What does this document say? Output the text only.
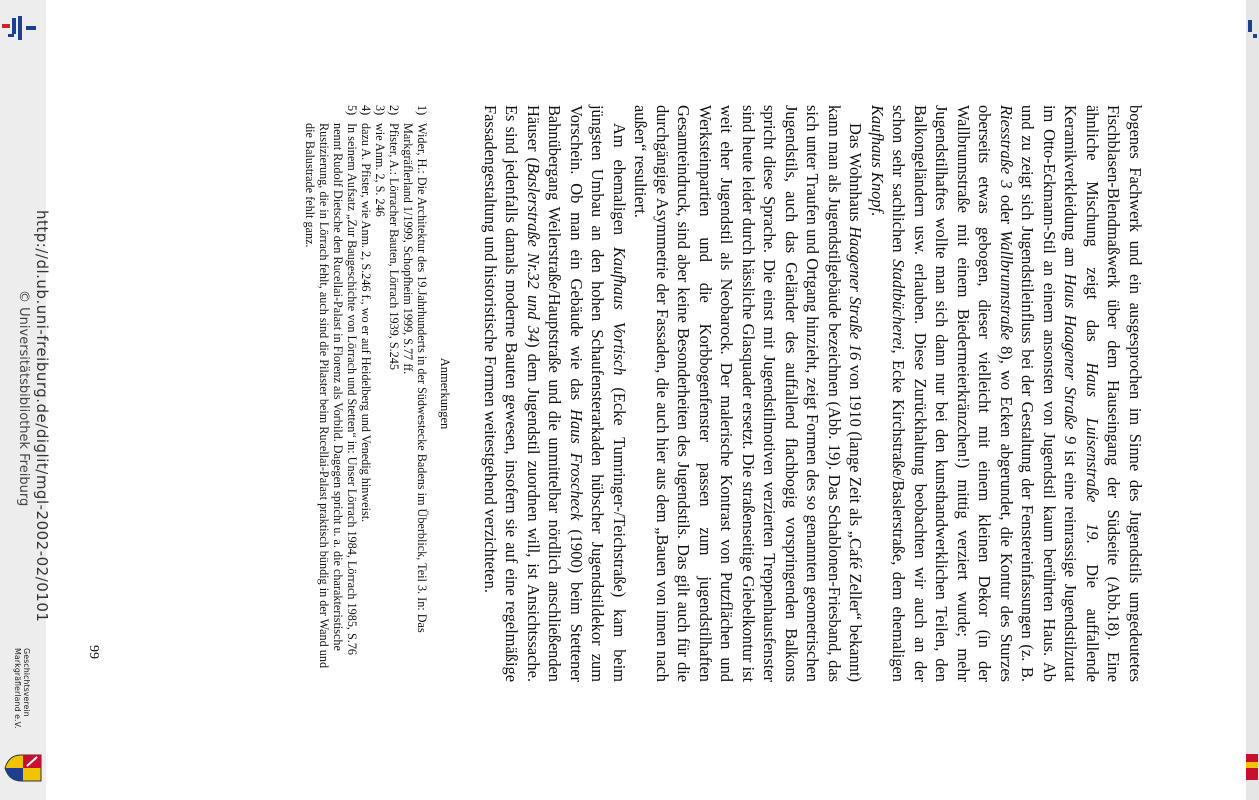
bogenes Fachwerk und ein ausgesprochen im Sinne des Jugendstils umgedeutetes Fischblasen-Blendmaßwerk über dem Hauseingang der Südseite (Abb.18). Eine ähnliche Mischung zeigt das Haus Luisenstraße 19. Die auffallende Keramikverkleidung am Haus Haagener Straße 9 ist eine reinrassige Jugendstilzutat im Otto-Eckmann-Stil an einem ansonsten von Jugendstil kaum berührten Haus. Ab und zu zeigt sich Jugendstileinfluss bei der Gestaltung der Fenstereinfassungen (z. B. Riesstraße 3 oder Wallbrunnstraße 8), wo Ecken abgerundet, die Kontur des Sturzes oberseits etwas gebogen, dieser vielleicht mit einem kleinen Dekor (in der Wallbrunnstraße mit einem Biedermeierkränzchen!) mittig verziert wurde; mehr Jugendstilhaftes wollte man sich dann nur bei den kunsthandwerklichen Teilen, den Balkongeländern usw. erlauben. Diese Zurückhaltung beobachten wir auch an der schon sehr sachlichen Stadtbücherei, Ecke Kirchstraße/Baslerstraße, dem ehemaligen Kaufhaus Knopf.

Das Wohnhaus Haagener Straße 16 von 1910 (lange Zeit als „Café Zeller“ bekannt) kann man als Jugendstilgebäude bezeichnen (Abb. 19). Das Schablonen-Friesband, das sich unter Traufen und Ortgang hinzieht, zeigt Formen des so genannten geometrischen Jugendstils, auch das Geländer des auffallend flachbogig vorspringenden Balkons spricht diese Sprache. Die einst mit Jugendstilmotiven verzierten Treppenhausfenster sind heute leider durch hässliche Glasquader ersetzt. Die straßenseitige Giebelkontur ist weit eher Jugendstil als Neobarock. Der malerische Kontrast von Putzflächen und Werksteinpartien und die Korbbogenfenster passen zum jugendstilhaften Gesamteindruck, sind aber keine Besonderheiten des Jugendstils. Das gilt auch für die durchgängige Asymmetrie der Fassaden, die auch hier aus dem „Bauen von innen nach außen“ resultiert.

Am ehemaligen Kaufhaus Vortisch (Ecke Tumringer-/Teichstraße) kam beim jüngsten Umbau an den hohen Schaufensterarkaden hübscher Jugendstildekor zum Vorschein. Ob man ein Gebäude wie das Haus Froscheck (1900) beim Stettener Bahnübergang Weilerstraße/Hauptstraße und die unmittelbar nördlich anschließenden Häuser (Baslerstraße Nr.32 und 34) dem Jugendstil zuordnen will, ist Ansichtssache. Es sind jedenfalls damals moderne Bauten gewesen, insofern sie auf eine regelmäßige Fassadengestaltung und historistische Formen weitestgehend verzichteten.

Anmerkungen
1)
Wider, H.: Die Architektur des 19.Jahrhunderts in der Südwestecke Badens im Überblick, Teil 3. In: Das Markgräflerland 1/1999, Schopfheim 1999, S.77 ff.
2)
Pfister, A.: Lörracher Bauten, Lörrach 1939, S.245
3)
wie Anm. 2, S. 246
4)
dazu A. Pfister, wie Anm. 2, S.246 f., wo er auf Heidelberg und Venedig hinweist.
5)
In seinem Aufsatz „Zur Baugeschichte von Lörrach und Stetten“ in: Unser Lörrach 1984, Lörrach 1985, S.76 nennt Rudolf Dietsche den Rucellai-Palast in Florenz als Vorbild. Dagegen spricht u. a. die charakteristische Rustizierung, die in Lörrach fehlt, auch sind die Pilaster beim Rucellai-Palast praktisch bündig in der Wand und die Balustrade fehlt ganz.
99
http://dl.ub.uni-freiburg.de/diglit/mgl-2002-02/0101
© Universitätsbibliothek Freiburg
Geschichtsverein
Markgräflerland e.V.
